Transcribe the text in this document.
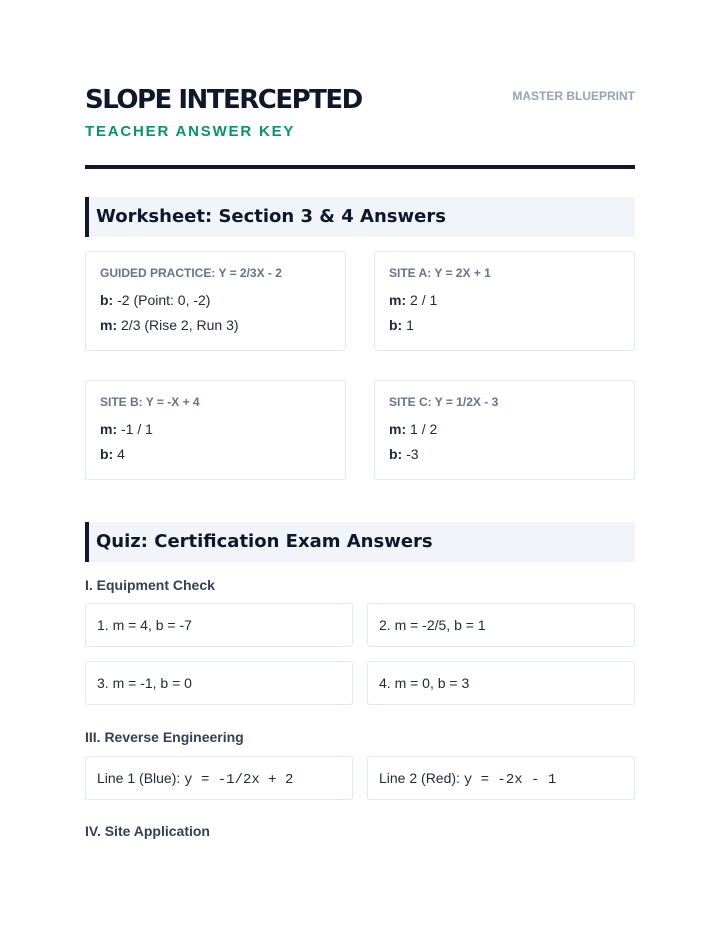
SLOPE INTERCEPTED
TEACHER ANSWER KEY
MASTER BLUEPRINT
Worksheet: Section 3 & 4 Answers
GUIDED PRACTICE: Y = 2/3X - 2
b: -2 (Point: 0, -2)
m: 2/3 (Rise 2, Run 3)
SITE A: Y = 2X + 1
m: 2 / 1
b: 1
SITE B: Y = -X + 4
m: -1 / 1
b: 4
SITE C: Y = 1/2X - 3
m: 1 / 2
b: -3
Quiz: Certification Exam Answers
I. Equipment Check
1. m = 4, b = -7	2. m = -2/5, b = 1
3. m = -1, b = 0	4. m = 0, b = 3
III. Reverse Engineering
Line 1 (Blue): y = -1/2x + 2	Line 2 (Red): y = -2x - 1
IV. Site Application
